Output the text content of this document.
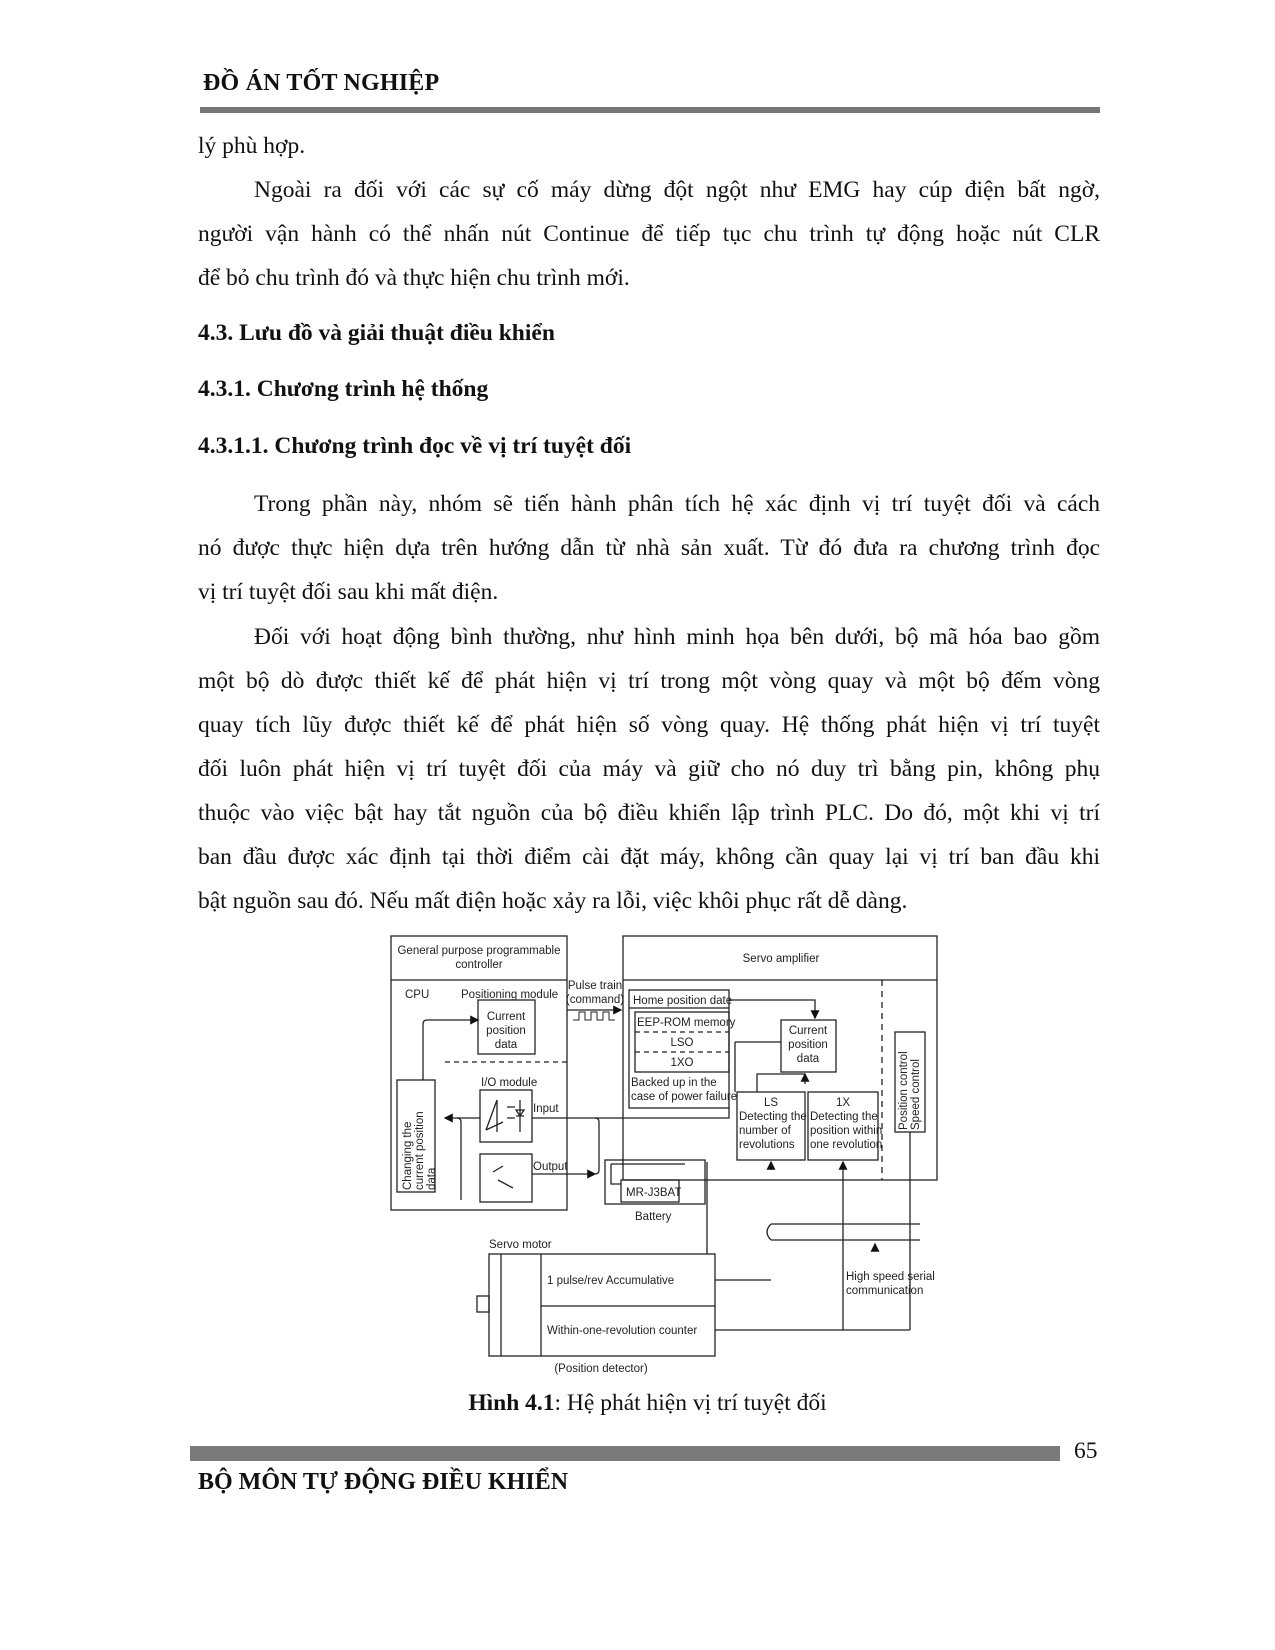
ĐỒ ÁN TỐT NGHIỆP
lý phù hợp.
Ngoài ra đối với các sự cố máy dừng đột ngột như EMG hay cúp điện bất ngờ,
người vận hành có thể nhấn nút Continue để tiếp tục chu trình tự động hoặc nút CLR
để bỏ chu trình đó và thực hiện chu trình mới.
4.3. Lưu đồ và giải thuật điều khiển
4.3.1. Chương trình hệ thống
4.3.1.1. Chương trình đọc về vị trí tuyệt đối
Trong phần này, nhóm sẽ tiến hành phân tích hệ xác định vị trí tuyệt đối và cách
nó được thực hiện dựa trên hướng dẫn từ nhà sản xuất. Từ đó đưa ra chương trình đọc
vị trí tuyệt đối sau khi mất điện.
Đối với hoạt động bình thường, như hình minh họa bên dưới, bộ mã hóa bao gồm
một bộ dò được thiết kế để phát hiện vị trí trong một vòng quay và một bộ đếm vòng
quay tích lũy được thiết kế để phát hiện số vòng quay. Hệ thống phát hiện vị trí tuyệt
đối luôn phát hiện vị trí tuyệt đối của máy và giữ cho nó duy trì bằng pin, không phụ
thuộc vào việc bật hay tắt nguồn của bộ điều khiển lập trình PLC. Do đó, một khi vị trí
ban đầu được xác định tại thời điểm cài đặt máy, không cần quay lại vị trí ban đầu khi
bật nguồn sau đó. Nếu mất điện hoặc xảy ra lỗi, việc khôi phục rất dễ dàng.
General purpose programmable
controller
CPU	Positioning module
Current
position
data
Changing the current position data
I/O module
Input
Output
Pulse train
(command)
Servo amplifier
Home position date
EEP-ROM memory
LSO
1XO
Backed up in the
case of power failure
Current
position
data
LS
Detecting the
number of
revolutions
1X
Detecting the
position within
one revolution
Position control Speed control
MR-J3BAT
Battery
Servo motor
1 pulse/rev Accumulative
Within-one-revolution counter
(Position detector)
High speed serial
communication
Hình 4.1: Hệ phát hiện vị trí tuyệt đối
65
BỘ MÔN TỰ ĐỘNG ĐIỀU KHIỂN
